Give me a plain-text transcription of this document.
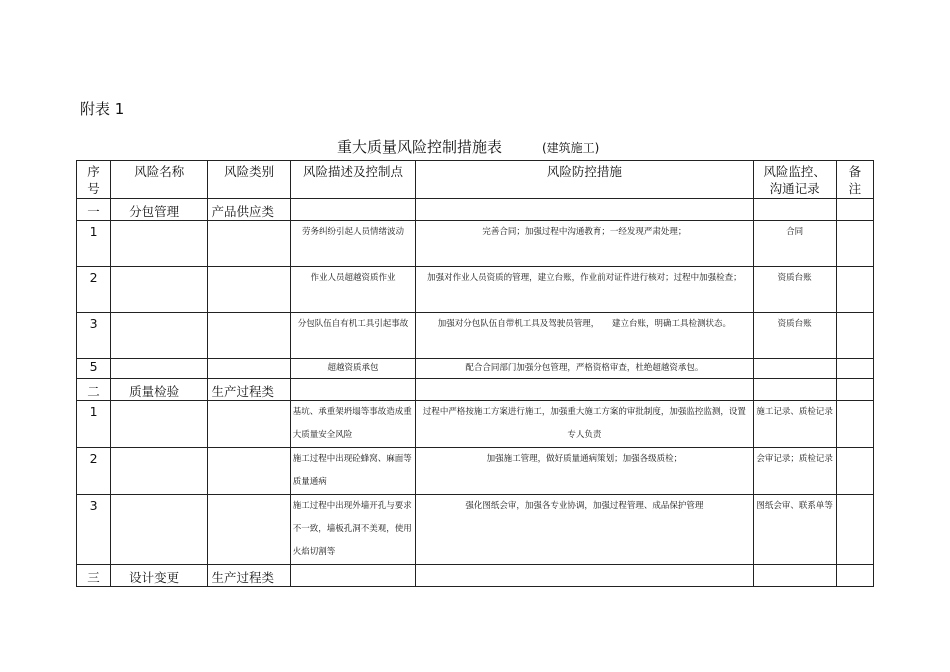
附表 1
重大质量风险控制措施表	(建筑施工)
序
号	风险名称	风险类别	风险描述及控制点	风险防控措施	风险监控、
沟通记录	备
注
一	分包管理	产品供应类				
1			劳务纠纷引起人员情绪波动	完善合同；加强过程中沟通教育；一经发现严肃处理；	合同	
2			作业人员超越资质作业	加强对作业人员资质的管理，建立台账，作业前对证件进行核对；过程中加强检查；	资质台账	
3			分包队伍自有机工具引起事故	加强对分包队伍自带机工具及驾驶员管理，　　建立台账，明确工具检测状态。	资质台账	
5			超越资质承包	配合合同部门加强分包管理，严格资格审查，杜绝超越资承包。		
二	质量检验	生产过程类				
1			基坑、承重架坍塌等事故造成重大质量安全风险	过程中严格按施工方案进行施工，加强重大施工方案的审批制度，加强监控监测，设置专人负责	施工记录、质检记录	
2			施工过程中出现砼蜂窝、麻面等质量通病	加强施工管理，做好质量通病策划；加强各级质检；	会审记录；质检记录	
3			施工过程中出现外墙开孔与要求不一致，墙板孔洞不美观，使用火焰切割等	强化图纸会审，加强各专业协调，加强过程管理、成品保护管理	图纸会审、联系单等	
三	设计变更	生产过程类				
